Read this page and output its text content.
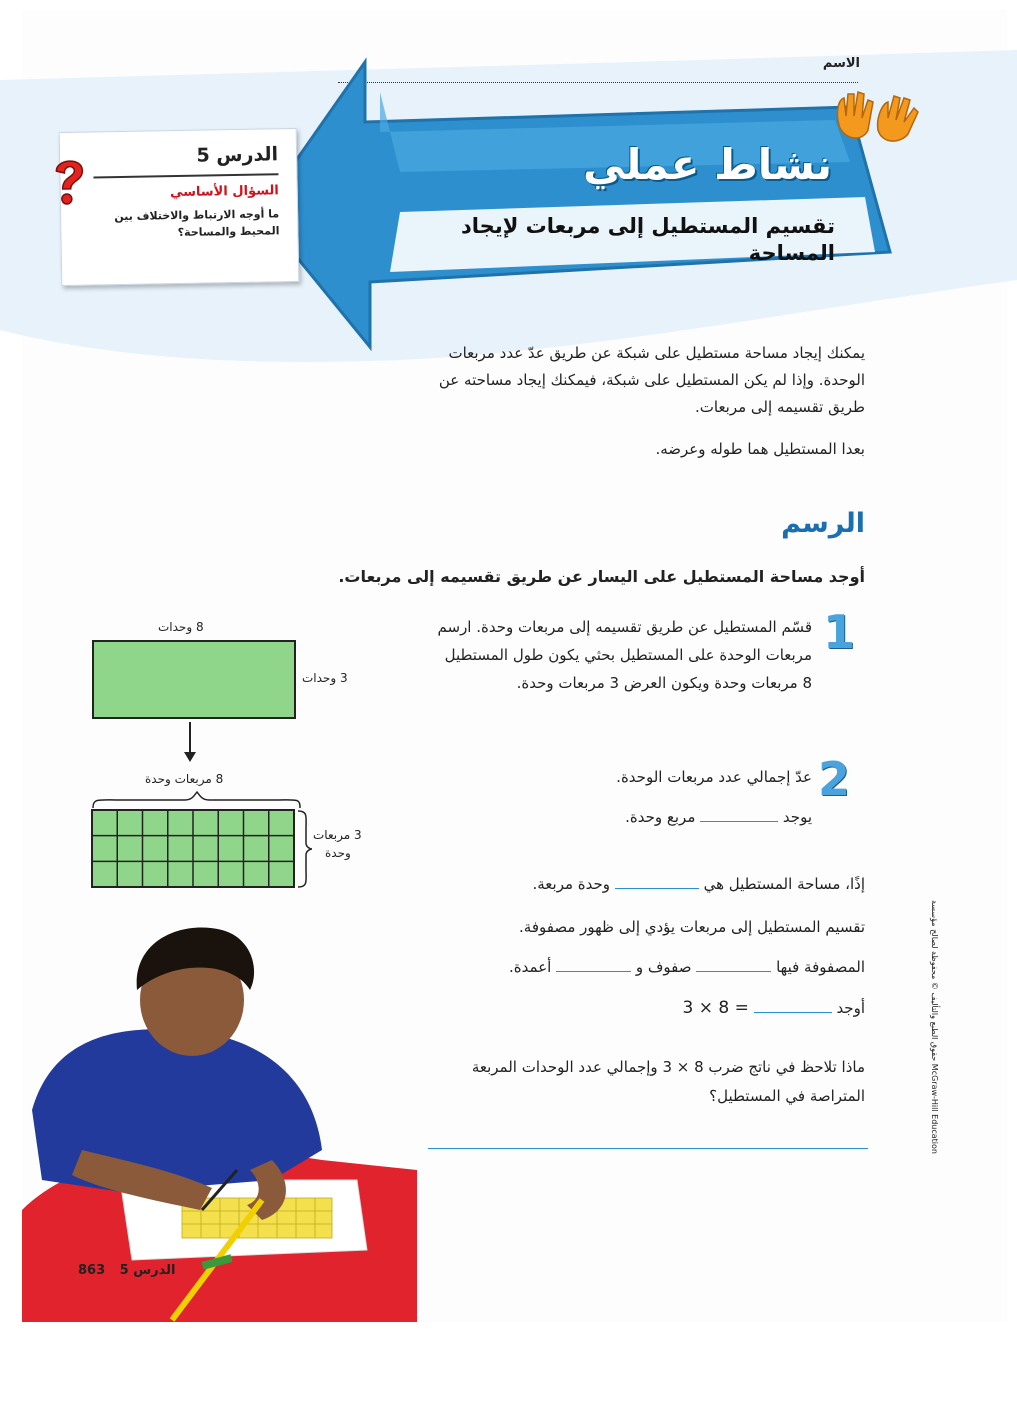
الاسم
نشاط عملي
تقسيم المستطيل إلى مربعات لإيجاد المساحة
الدرس 5
السؤال الأساسي
ما أوجه الارتباط والاختلاف بين المحيط والمساحة؟
يمكنك إيجاد مساحة مستطيل على شبكة عن طريق عدّ عدد مربعات الوحدة. وإذا لم يكن المستطيل على شبكة، فيمكنك إيجاد مساحته عن طريق تقسيمه إلى مربعات.
بعدا المستطيل هما طوله وعرضه.
الرسم
أوجد مساحة المستطيل على اليسار عن طريق تقسيمه إلى مربعات.
1
قسّم المستطيل عن طريق تقسيمه إلى مربعات وحدة. ارسم مربعات الوحدة على المستطيل بحثي يكون طول المستطيل 8 مربعات وحدة ويكون العرض 3 مربعات وحدة.
2
عدّ إجمالي عدد مربعات الوحدة.
يوجد  مربع وحدة.
إذًا، مساحة المستطيل هي  وحدة مربعة.
تقسيم المستطيل إلى مربعات يؤدي إلى ظهور مصفوفة.
المصفوفة فيها  صفوف و  أعمدة.
أوجد  3 × 8 =
ماذا تلاحظ في ناتج ضرب 8 × 3 وإجمالي عدد الوحدات المربعة المتراصة في المستطيل؟
8 وحدات
3 وحدات
8 مربعات وحدة
3 مربعات
وحدة
حقوق الطبع والتأليف © محفوظة لصالح مؤسسة McGraw-Hill Education
863 الدرس 5
